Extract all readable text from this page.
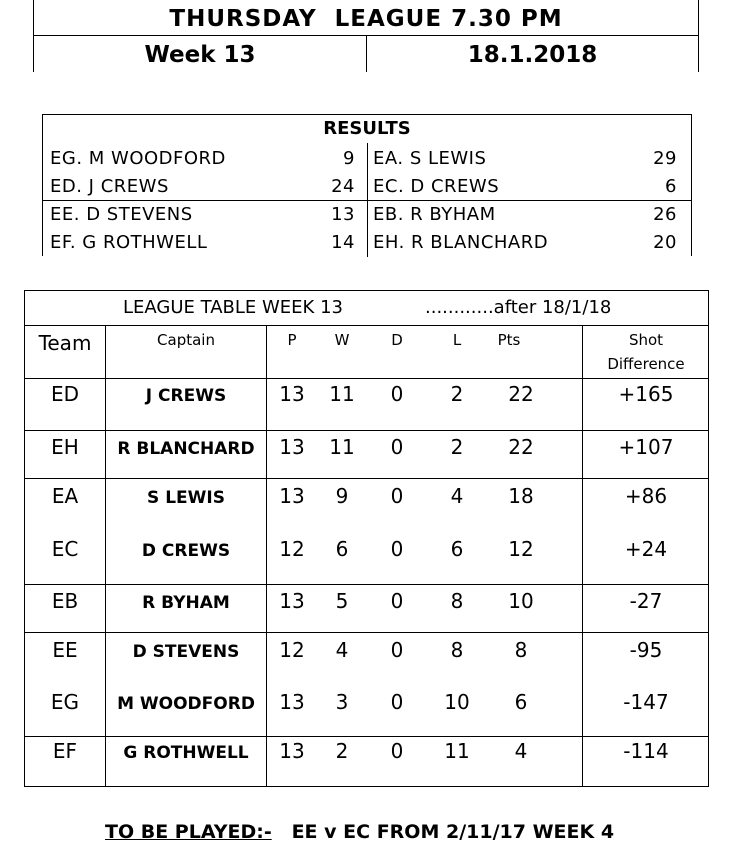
THURSDAY  LEAGUE 7.30 PM
Week 13	18.1.2018
RESULTS
EG. M WOODFORD	9 EA. S LEWIS	29
ED. J CREWS	24 EC. D CREWS	6
EE. D STEVENS	13 EB. R BYHAM	26
EF. G ROTHWELL	14 EH. R BLANCHARD	20
LEAGUE TABLE WEEK 13	............after 18/1/18
Team	Captain	P	W	D	L	Pts	Shot
Difference
ED	J CREWS	13	11	0	2	22	+165
EH	R BLANCHARD	13	11	0	2	22	+107
EA	S LEWIS	13	9	0	4	18	+86
EC	D CREWS	12	6	0	6	12	+24
EB	R BYHAM	13	5	0	8	10	-27
EE	D STEVENS	12	4	0	8	8	-95
EG	M WOODFORD	13	3	0	10	6	-147
EF	G ROTHWELL	13	2	0	11	4	-114
TO BE PLAYED:- EE v EC FROM 2/11/17 WEEK 4
